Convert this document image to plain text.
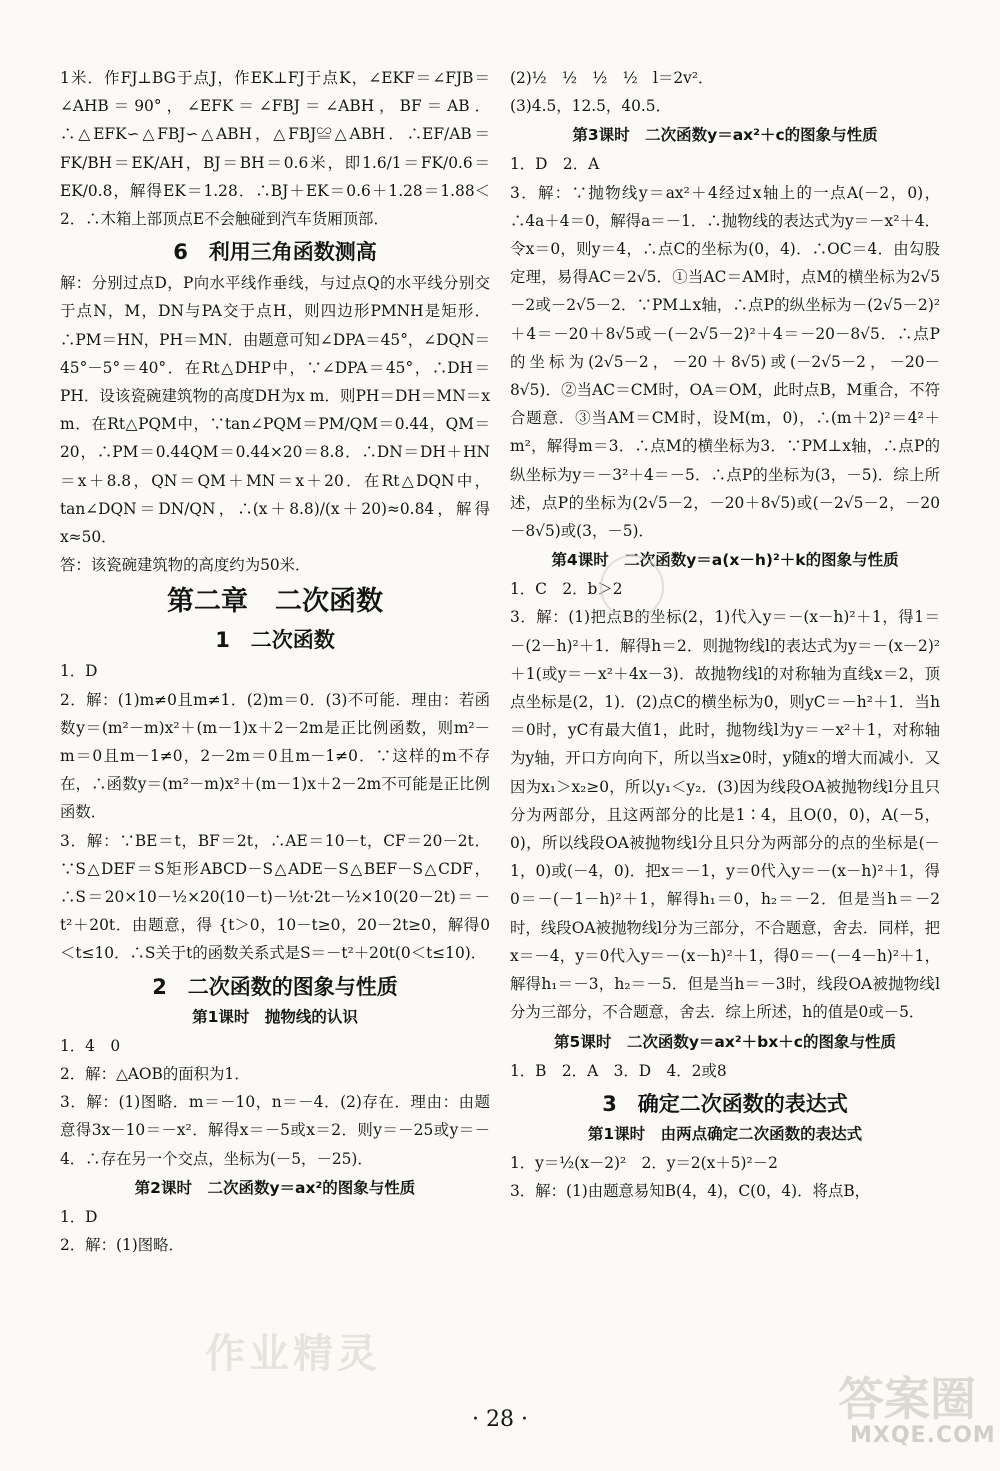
1米．作FJ⊥BG于点J，作EK⊥FJ于点K，∠EKF＝∠FJB＝∠AHB＝90°，∠EFK＝∠FBJ＝∠ABH，BF＝AB．∴△EFK∽△FBJ∽△ABH，△FBJ≌△ABH．∴EF/AB＝FK/BH＝EK/AH，BJ＝BH＝0.6米，即1.6/1＝FK/0.6＝EK/0.8，解得EK＝1.28．∴BJ＋EK＝0.6＋1.28＝1.88＜2．∴木箱上部顶点E不会触碰到汽车货厢顶部．

6　利用三角函数测高

解：分别过点D，P向水平线作垂线，与过点Q的水平线分别交于点N，M，DN与PA交于点H，则四边形PMNH是矩形．∴PM＝HN，PH＝MN．由题意可知∠DPA＝45°，∠DQN＝45°－5°＝40°．在Rt△DHP中，∵∠DPA＝45°，∴DH＝PH．设该瓷碗建筑物的高度DH为x m．则PH＝DH＝MN＝x m．在Rt△PQM中，∵tan∠PQM＝PM/QM＝0.44，QM＝20，∴PM＝0.44QM＝0.44×20＝8.8．∴DN＝DH＋HN＝x＋8.8，QN＝QM＋MN＝x＋20．在Rt△DQN中，tan∠DQN＝DN/QN，∴(x＋8.8)/(x＋20)≈0.84，解得x≈50．

答：该瓷碗建筑物的高度约为50米．

第二章　二次函数
1　二次函数

1．D

2．解：(1)m≠0且m≠1．(2)m＝0．(3)不可能．理由：若函数y＝(m²－m)x²＋(m－1)x＋2－2m是正比例函数，则m²－m＝0且m－1≠0，2－2m＝0且m－1≠0．∵这样的m不存在，∴函数y＝(m²－m)x²＋(m－1)x＋2－2m不可能是正比例函数．

3．解：∵BE＝t，BF＝2t，∴AE＝10－t，CF＝20－2t．∵S△DEF＝S矩形ABCD－S△ADE－S△BEF－S△CDF，∴S＝20×10－½×20(10－t)－½t·2t－½×10(20－2t)＝－t²＋20t．由题意，得 {t＞0，10－t≥0，20－2t≥0，解得0＜t≤10．∴S关于t的函数关系式是S＝－t²＋20t(0＜t≤10)．

2　二次函数的图象与性质
第1课时　抛物线的认识

1．4　0

2．解：△AOB的面积为1．

3．解：(1)图略．m＝－10，n＝－4．(2)存在．理由：由题意得3x－10＝－x²．解得x＝－5或x＝2．则y＝－25或y＝－4．∴存在另一个交点，坐标为(－5，－25)．

第2课时　二次函数y＝ax²的图象与性质

1．D

2．解：(1)图略．

(2)½　½　½　½　l＝2v²．

(3)4.5，12.5，40.5．

第3课时　二次函数y＝ax²＋c的图象与性质

1．D　2．A

3．解：∵抛物线y＝ax²＋4经过x轴上的一点A(－2，0)，∴4a＋4＝0，解得a＝－1．∴抛物线的表达式为y＝－x²＋4．令x＝0，则y＝4，∴点C的坐标为(0，4)．∴OC＝4．由勾股定理，易得AC＝2√5．①当AC＝AM时，点M的横坐标为2√5－2或－2√5－2．∵PM⊥x轴，∴点P的纵坐标为－(2√5－2)²＋4＝－20＋8√5或－(－2√5－2)²＋4＝－20－8√5．∴点P的坐标为(2√5－2，－20＋8√5)或(－2√5－2，－20－8√5)．②当AC＝CM时，OA＝OM，此时点B，M重合，不符合题意．③当AM＝CM时，设M(m，0)，∴(m＋2)²＝4²＋m²，解得m＝3．∴点M的横坐标为3．∵PM⊥x轴，∴点P的纵坐标为y＝－3²＋4＝－5．∴点P的坐标为(3，－5)．综上所述，点P的坐标为(2√5－2，－20＋8√5)或(－2√5－2，－20－8√5)或(3，－5)．

第4课时　二次函数y＝a(x－h)²＋k的图象与性质

1．C　2．b＞2

3．解：(1)把点B的坐标(2，1)代入y＝－(x－h)²＋1，得1＝－(2－h)²＋1．解得h＝2．则抛物线l的表达式为y＝－(x－2)²＋1(或y＝－x²＋4x－3)．故抛物线l的对称轴为直线x＝2，顶点坐标是(2，1)．(2)点C的横坐标为0，则yC＝－h²＋1．当h＝0时，yC有最大值1，此时，抛物线l为y＝－x²＋1，对称轴为y轴，开口方向向下，所以当x≥0时，y随x的增大而减小．又因为x₁＞x₂≥0，所以y₁＜y₂．(3)因为线段OA被抛物线l分且只分为两部分，且这两部分的比是1∶4，且O(0，0)，A(－5，0)，所以线段OA被抛物线l分且只分为两部分的点的坐标是(－1，0)或(－4，0)．把x＝－1，y＝0代入y＝－(x－h)²＋1，得0＝－(－1－h)²＋1，解得h₁＝0，h₂＝－2．但是当h＝－2时，线段OA被抛物线l分为三部分，不合题意，舍去．同样，把x＝－4，y＝0代入y＝－(x－h)²＋1，得0＝－(－4－h)²＋1，解得h₁＝－3，h₂＝－5．但是当h＝－3时，线段OA被抛物线l分为三部分，不合题意，舍去．综上所述，h的值是0或－5．

第5课时　二次函数y＝ax²＋bx＋c的图象与性质

1．B　2．A　3．D　4．2或8

3　确定二次函数的表达式
第1课时　由两点确定二次函数的表达式

1．y＝½(x－2)²　2．y＝2(x＋5)²－2

3．解：(1)由题意易知B(4，4)，C(0，4)．将点B，

作业精灵
· 28 ·	答案圈
MXQE.COM
